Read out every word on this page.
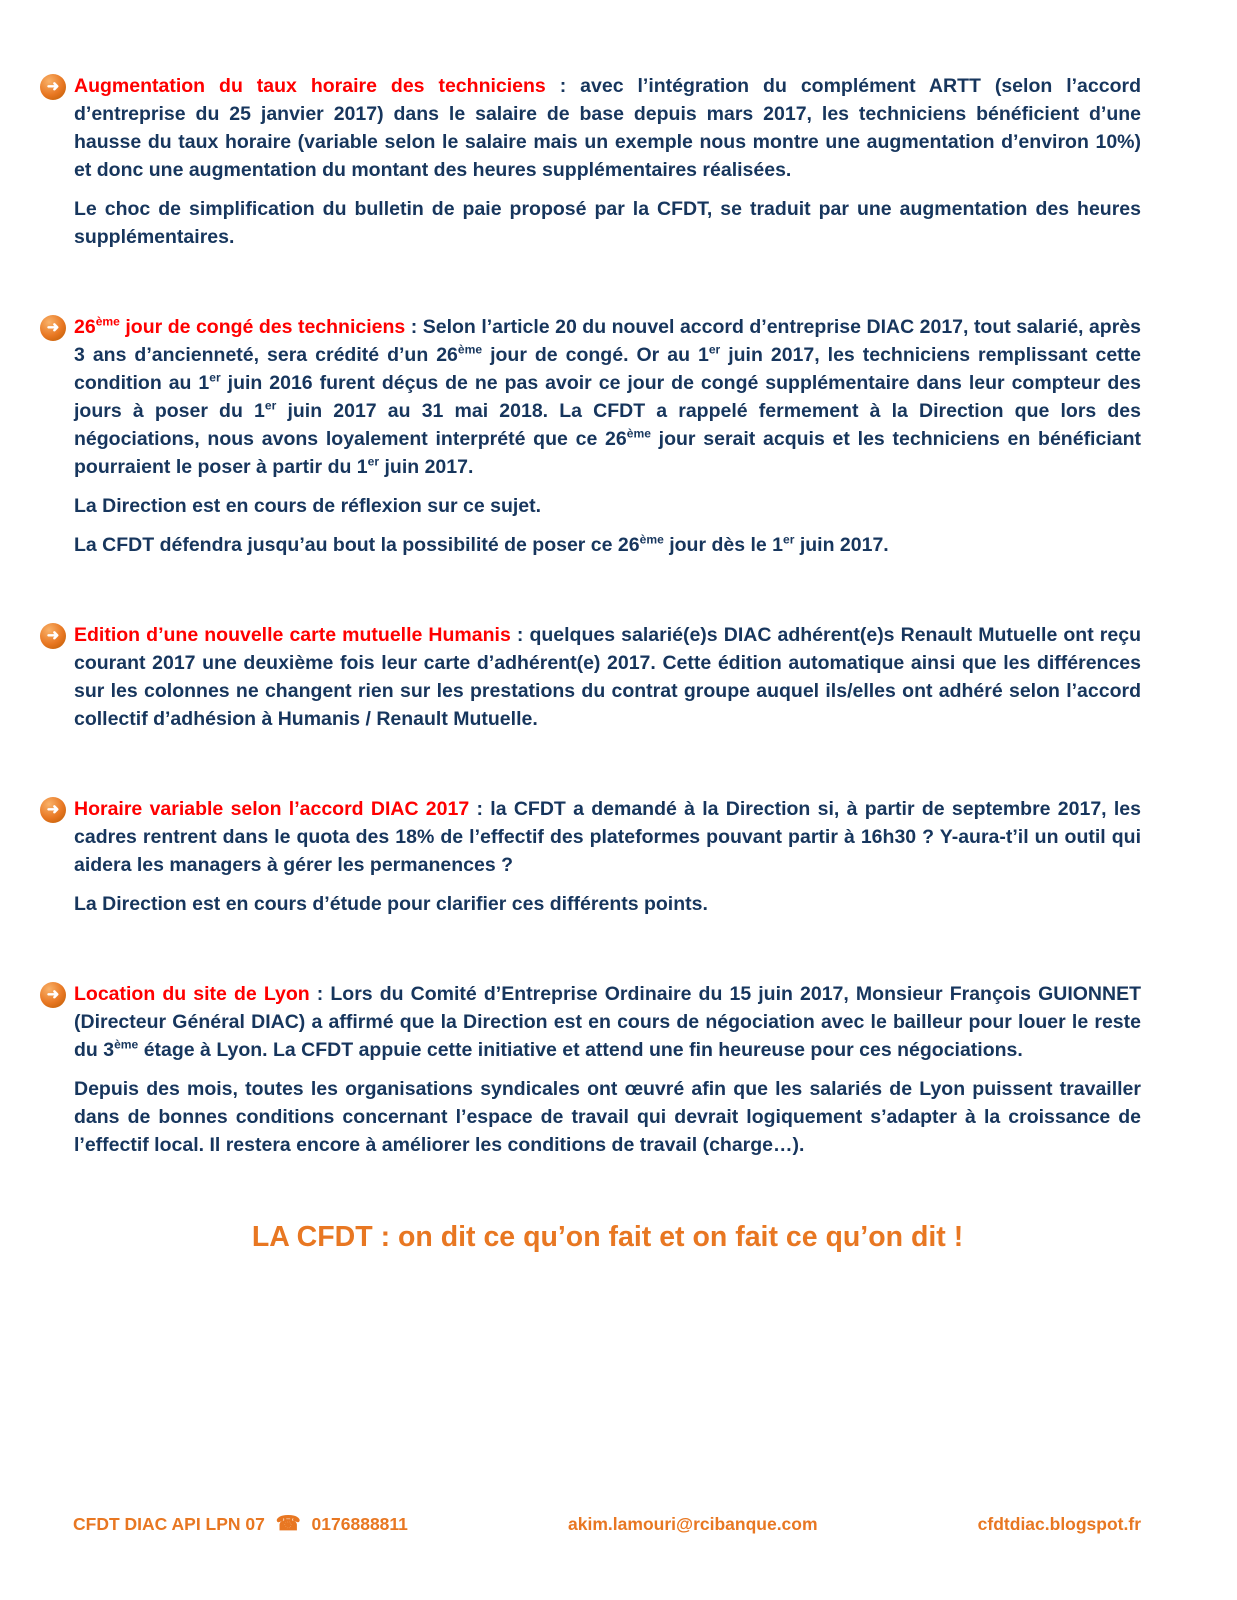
➜ Augmentation du taux horaire des techniciens : avec l’intégration du complément ARTT (selon l’accord d’entreprise du 25 janvier 2017) dans le salaire de base depuis mars 2017, les techniciens bénéficient d’une hausse du taux horaire (variable selon le salaire mais un exemple nous montre une augmentation d’environ 10%) et donc une augmentation du montant des heures supplémentaires réalisées.

Le choc de simplification du bulletin de paie proposé par la CFDT, se traduit par une augmentation des heures supplémentaires.

➜ 26ème jour de congé des techniciens : Selon l’article 20 du nouvel accord d’entreprise DIAC 2017, tout salarié, après 3 ans d’ancienneté, sera crédité d’un 26ème jour de congé. Or au 1er juin 2017, les techniciens remplissant cette condition au 1er juin 2016 furent déçus de ne pas avoir ce jour de congé supplémentaire dans leur compteur des jours à poser du 1er juin 2017 au 31 mai 2018. La CFDT a rappelé fermement à la Direction que lors des négociations, nous avons loyalement interprété que ce 26ème jour serait acquis et les techniciens en bénéficiant pourraient le poser à partir du 1er juin 2017.

La Direction est en cours de réflexion sur ce sujet.

La CFDT défendra jusqu’au bout la possibilité de poser ce 26ème jour dès le 1er juin 2017.

➜ Edition d’une nouvelle carte mutuelle Humanis : quelques salarié(e)s DIAC adhérent(e)s Renault Mutuelle ont reçu courant 2017 une deuxième fois leur carte d’adhérent(e) 2017. Cette édition automatique ainsi que les différences sur les colonnes ne changent rien sur les prestations du contrat groupe auquel ils/elles ont adhéré selon l’accord collectif d’adhésion à Humanis / Renault Mutuelle.

➜ Horaire variable selon l’accord DIAC 2017 : la CFDT a demandé à la Direction si, à partir de septembre 2017, les cadres rentrent dans le quota des 18% de l’effectif des plateformes pouvant partir à 16h30 ? Y-aura-t’il un outil qui aidera les managers à gérer les permanences ?

La Direction est en cours d’étude pour clarifier ces différents points.

➜ Location du site de Lyon : Lors du Comité d’Entreprise Ordinaire du 15 juin 2017, Monsieur François GUIONNET (Directeur Général DIAC) a affirmé que la Direction est en cours de négociation avec le bailleur pour louer le reste du 3ème étage à Lyon. La CFDT appuie cette initiative et attend une fin heureuse pour ces négociations.

Depuis des mois, toutes les organisations syndicales ont œuvré afin que les salariés de Lyon puissent travailler dans de bonnes conditions concernant l’espace de travail qui devrait logiquement s’adapter à la croissance de l’effectif local. Il restera encore à améliorer les conditions de travail (charge…).

LA CFDT : on dit ce qu’on fait et on fait ce qu’on dit !
CFDT DIAC API LPN 07 ☎ 0176888811	akim.lamouri@rcibanque.com	cfdtdiac.blogspot.fr
